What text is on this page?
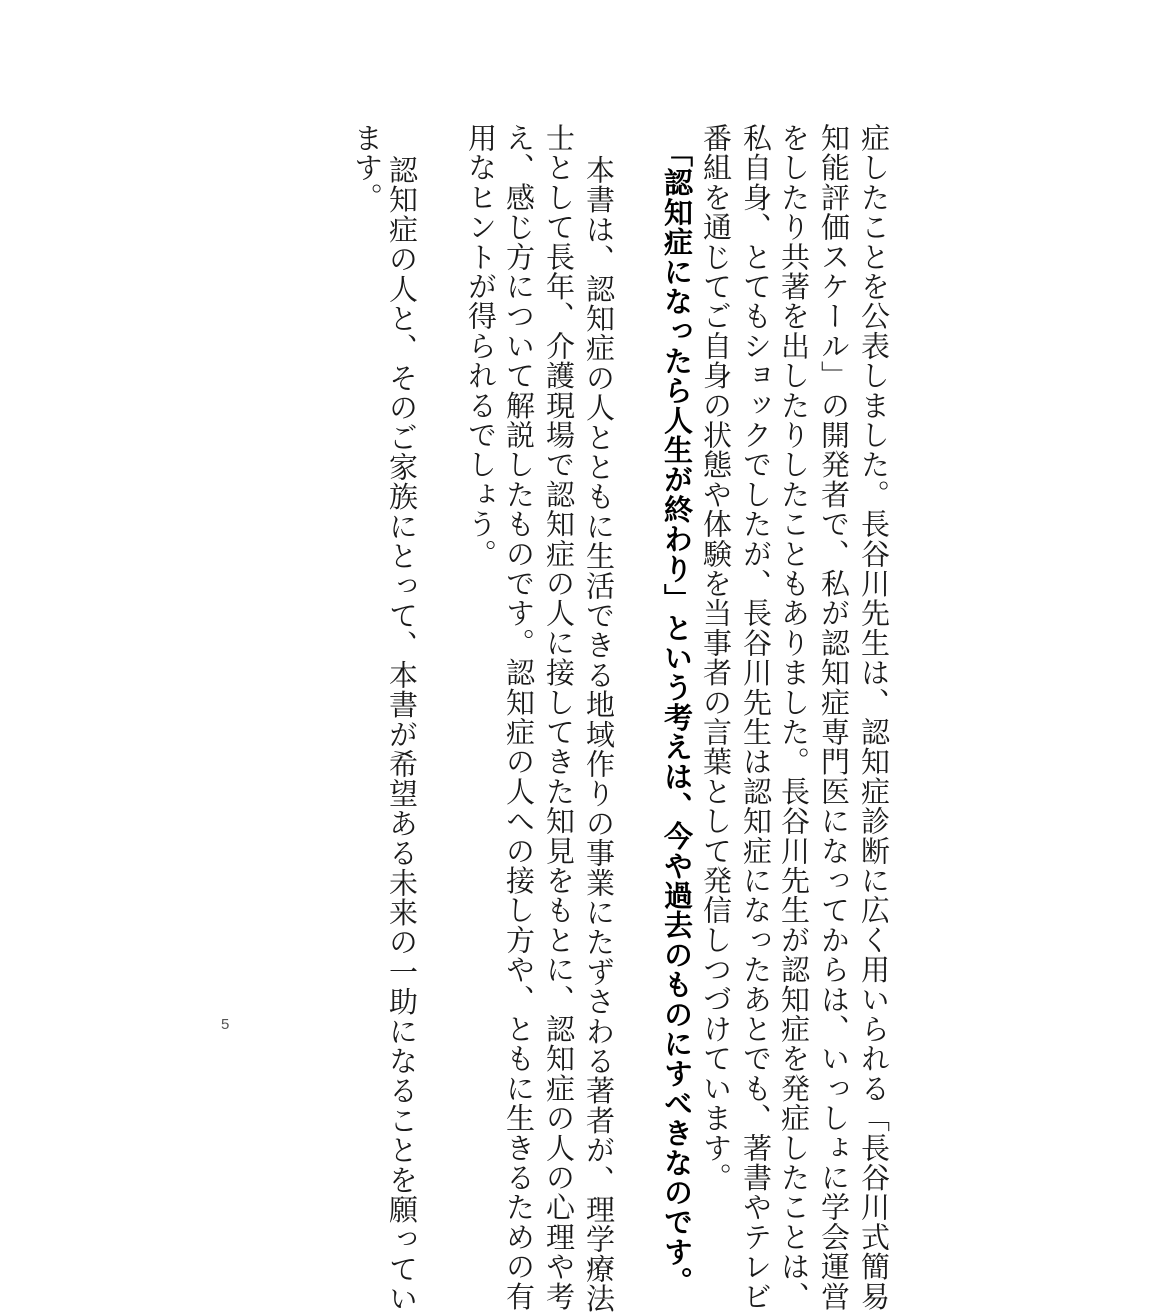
症したことを公表しました。長谷川先生は、認知症診断に広く用いられる「長谷川式簡易
知能評価スケール」の開発者で、私が認知症専門医になってからは、いっしょに学会運営
をしたり共著を出したりしたこともありました。長谷川先生が認知症を発症したことは、
私自身、とてもショックでしたが、長谷川先生は認知症になったあとでも、著書やテレビ
番組を通じてご自身の状態や体験を当事者の言葉として発信しつづけています。
「認知症になったら人生が終わり」という考えは、今や過去のものにすべきなのです。
本書は、認知症の人とともに生活できる地域作りの事業にたずさわる著者が、理学療法
士として長年、介護現場で認知症の人に接してきた知見をもとに、認知症の人の心理や考
え、感じ方について解説したものです。認知症の人への接し方や、ともに生きるための有
用なヒントが得られるでしょう。
認知症の人と、そのご家族にとって、本書が希望ある未来の一助になることを願ってい
ます。
5
